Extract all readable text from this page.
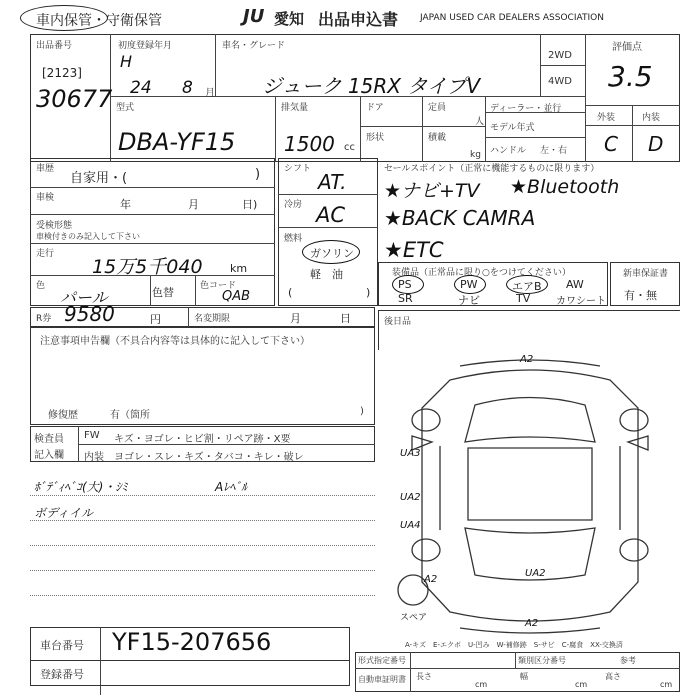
車内保管・守衛保管	JU 愛知 出品申込書 JAPAN USED CAR DEALERS ASSOCIATION
出品番号
[2123]
30677
初度登録年月
H
24 8 月
車名・グレード
ジューク 15RX タイプV
型式
DBA-YF15
2WD
4WD
評価点
3.5
外装	内装
C D
排気量
1500 cc
ドア	定員
人
形状	積載
kg
ディーラー・並行
モデル年式
ハンドル 左・右
車歴
自家用・(	)
車検	年	月	日)
受検形態
車検付きのみ記入して下さい
走行
15万5千040 km
色
パール	色替	色コード
QAB
シフト
AT.
冷房 AC
燃料
ガソリン
軽　油
(	)
セールスポイント（正常に機能するものに限ります）
★ナビ+TV ★Bluetooth
★BACK CAMRA
★ETC
装備品（正常品に限り○をつけてください）
PS	PW	エアB AW
SR	ナビ	TV	カワシート
新車保証書
有・無
R券 9580	円	名変期限	月	日
注意事項申告欄（不具合内容等は具体的に記入して下さい）
修復歴	有（箇所	)
後日品
検査員
記入欄
FW キズ・ヨゴレ・ヒビ割・リペア跡・X要
内装 ヨゴレ・スレ・キズ・タバコ・キレ・破レ
ﾎﾞﾃﾞｨﾍﾞｺ(大)・ｼﾐ
ボディイル
Aﾚﾍﾞﾙ
A2
UA3
UA2
UA4
UA2
A2
A2
スペア
A-キズ　E-エクボ　U-凹み　W-補修跡　S-サビ　C-腐食　XX-交換済
車台番号 YF15-207656
登録番号
形式指定番号	類別区分番号
自動車証明書 長さ
cm
幅
cm
高さ
cm
参考
